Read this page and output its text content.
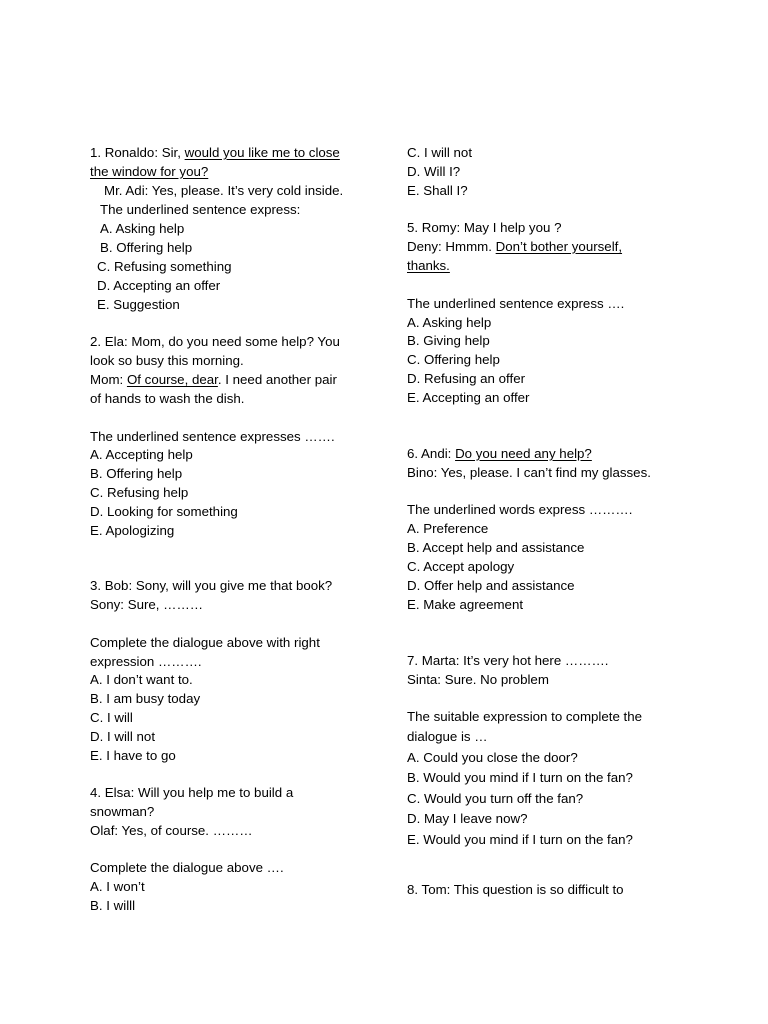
1. Ronaldo: Sir, would you like me to close
the window for you?
Mr. Adi: Yes, please. It’s very cold inside.
The underlined sentence express:
A. Asking help
B. Offering help
C. Refusing something
D. Accepting an offer
E. Suggestion
2. Ela: Mom, do you need some help? You
look so busy this morning.
Mom: Of course, dear. I need another pair
of hands to wash the dish.
The underlined sentence expresses …….
A. Accepting help
B. Offering help
C. Refusing help
D. Looking for something
E. Apologizing
3. Bob: Sony, will you give me that book?
Sony: Sure, ………
Complete the dialogue above with right
expression ……….
A. I don’t want to.
B. I am busy today
C. I will
D. I will not
E. I have to go
4. Elsa: Will you help me to build a
snowman?
Olaf: Yes, of course. ………
Complete the dialogue above ….
A. I won’t
B. I willl
C. I will not
D. Will I?
E. Shall I?
5. Romy: May I help you ?
Deny: Hmmm. Don’t bother yourself,
thanks.
The underlined sentence express ….
A. Asking help
B. Giving help
C. Offering help
D. Refusing an offer
E. Accepting an offer
6. Andi: Do you need any help?
Bino: Yes, please. I can’t find my glasses.
The underlined words express ……….
A. Preference
B. Accept help and assistance
C. Accept apology
D. Offer help and assistance
E. Make agreement
7. Marta: It’s very hot here ……….
Sinta: Sure. No problem
The suitable expression to complete the
dialogue is …
A. Could you close the door?
B. Would you mind if I turn on the fan?
C. Would you turn off the fan?
D. May I leave now?
E. Would you mind if I turn on the fan?
8. Tom: This question is so difficult to
